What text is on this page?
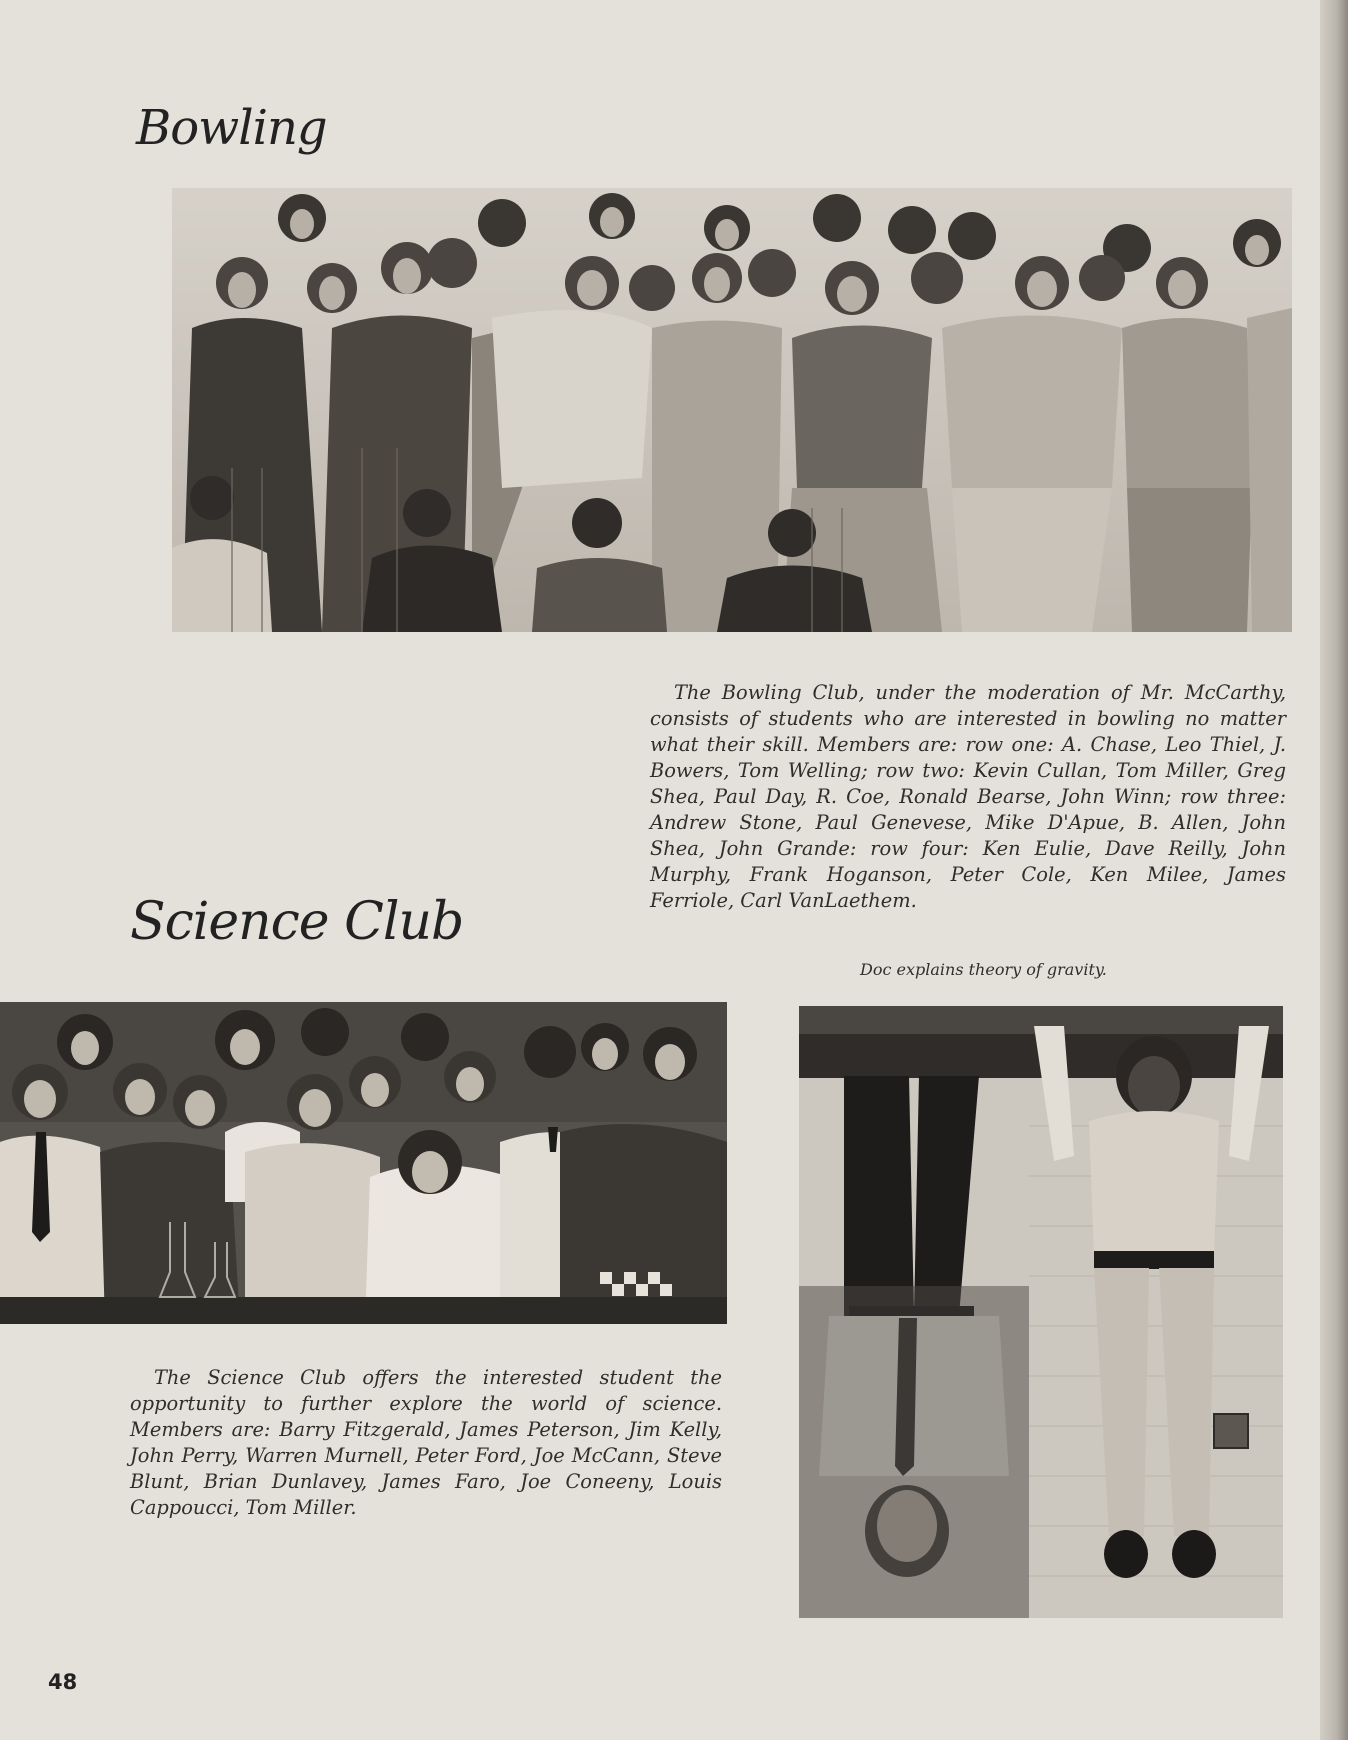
Bowling

The Bowling Club, under the moderation of Mr. McCarthy, consists of students who are interested in bowling no matter what their skill. Members are: row one: A. Chase, Leo Thiel, J. Bowers, Tom Welling; row two: Kevin Cullan, Tom Miller, Greg Shea, Paul Day, R. Coe, Ronald Bearse, John Winn; row three: Andrew Stone, Paul Genevese, Mike D'Apue, B. Allen, John Shea, John Grande: row four: Ken Eulie, Dave Reilly, John Murphy, Frank Hoganson, Peter Cole, Ken Milee, James Ferriole, Carl VanLaethem.

Science Club

Doc explains theory of gravity.

The Science Club offers the interested student the opportunity to further explore the world of science. Members are: Barry Fitzgerald, James Peterson, Jim Kelly, John Perry, Warren Murnell, Peter Ford, Joe McCann, Steve Blunt, Brian Dunlavey, James Faro, Joe Coneeny, Louis Cappoucci, Tom Miller.

48
